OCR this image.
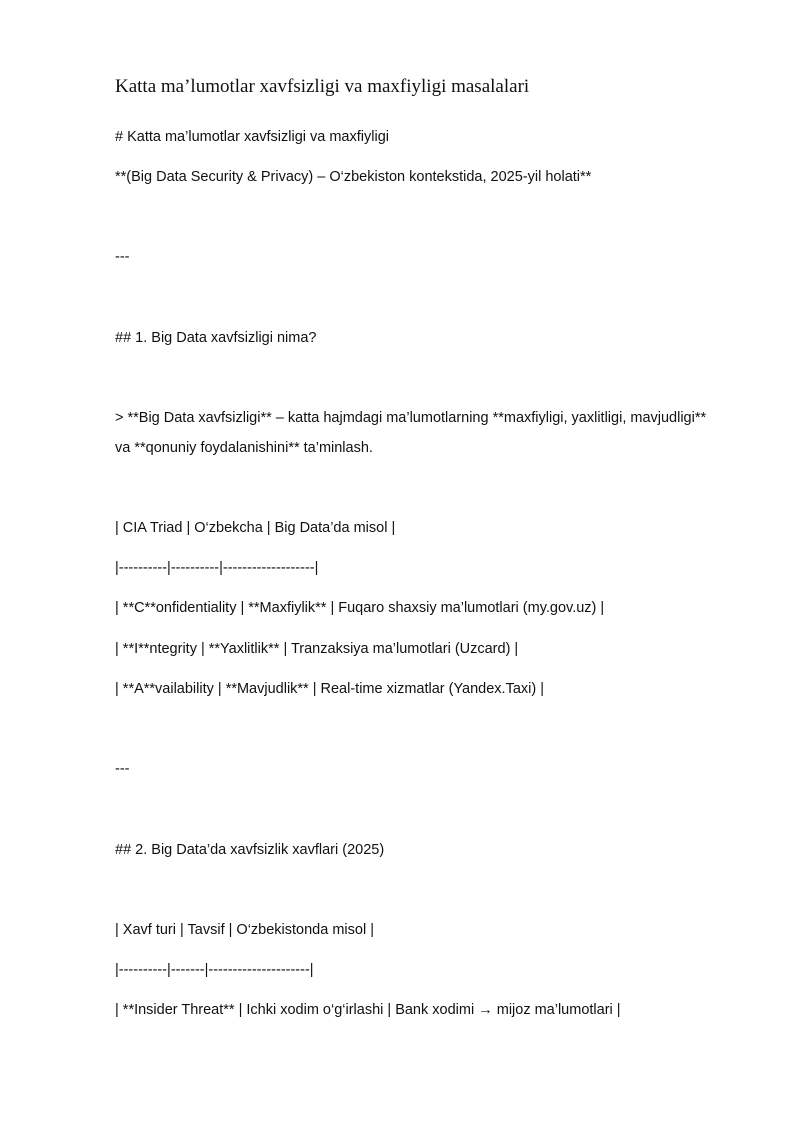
Katta ma’lumotlar xavfsizligi va maxfiyligi masalalari
# Katta ma’lumotlar xavfsizligi va maxfiyligi
**(Big Data Security & Privacy) – O‘zbekiston kontekstida, 2025-yil holati**
---
## 1. Big Data xavfsizligi nima?
> **Big Data xavfsizligi** – katta hajmdagi ma’lumotlarning **maxfiyligi, yaxlitligi, mavjudligi**
va **qonuniy foydalanishini** ta’minlash.
| CIA Triad | O‘zbekcha | Big Data’da misol |
|----------|----------|-------------------|
| **C**onfidentiality | **Maxfiylik** | Fuqaro shaxsiy ma’lumotlari (my.gov.uz) |
| **I**ntegrity | **Yaxlitlik** | Tranzaksiya ma’lumotlari (Uzcard) |
| **A**vailability | **Mavjudlik** | Real-time xizmatlar (Yandex.Taxi) |
---
## 2. Big Data’da xavfsizlik xavflari (2025)
| Xavf turi | Tavsif | O‘zbekistonda misol |
|----------|-------|---------------------|
| **Insider Threat** | Ichki xodim o‘g‘irlashi | Bank xodimi → mijoz ma’lumotlari |
